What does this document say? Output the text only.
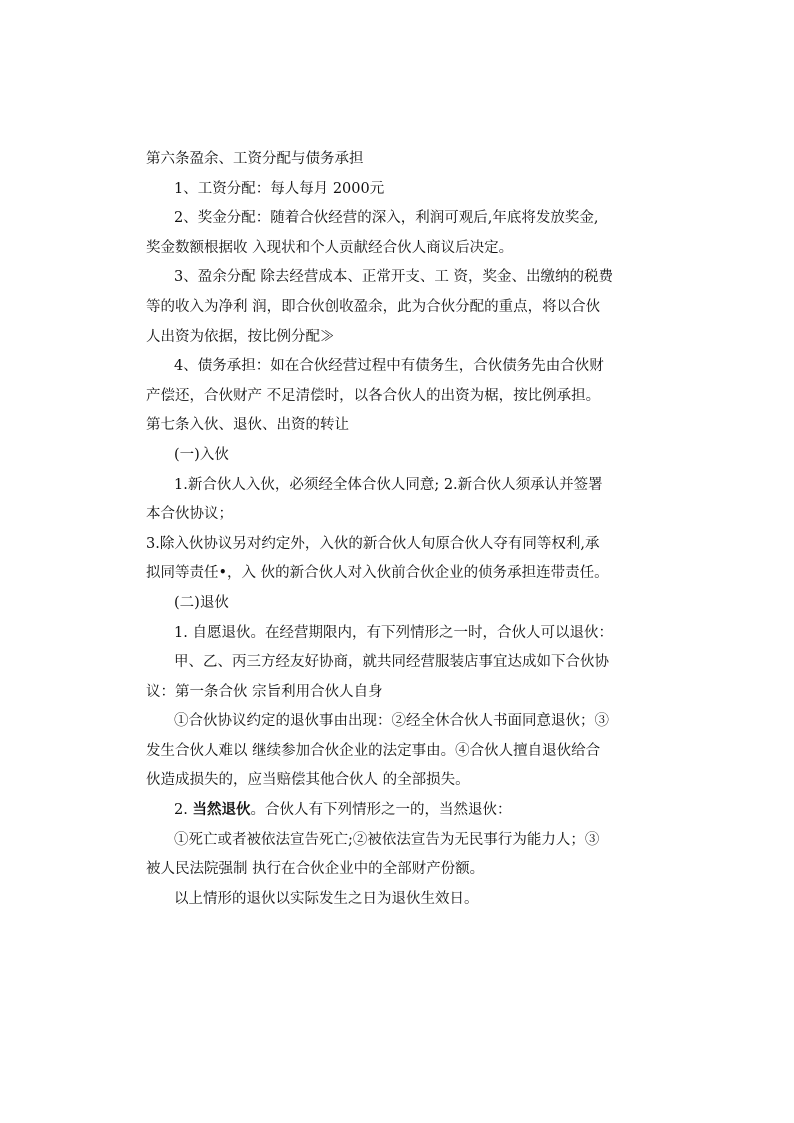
第六条盈余、工资分配与债务承担
1、工资分配：每人每月 2000元
2、奖金分配：随着合伙经营的深入，利润可观后,年底将发放奖金,
奖金数额根据收 入现状和个人贡献经合伙人商议后决定。
3、盈余分配 除去经营成本、正常开支、工 资，奖金、岀缴纳的税费
等的收入为净利 润，即合伙创收盈余，此为合伙分配的重点，将以合伙
人出资为依据，按比例分配≫
4、债务承担：如在合伙经营过程中有债务生，合伙债务先由合伙财
产偿还，合伙财产 不足清偿时，以各合伙人的出资为椐，按比例承担。
第七条入伙、退伙、出资的转让
(一)入伙
1.新合伙人入伙，必须经全体合伙人同意; 2.新合伙人须承认并签署
本合伙协议；
3.除入伙协议另对约定外，入伙的新合伙人旬原合伙人夺有同等权利,承
拟同等责任•，入 伙的新合伙人对入伙前合伙企业的侦务承担连带责任。
(二)退伙
1. 自愿退伙。在经营期限内，有下列情形之一时，合伙人可以退伙：
甲、乙、丙三方经友好协商，就共同经营服装店事宜达成如下合伙协
议：第一条合伙 宗旨利用合伙人自身
①合伙协议约定的退伙事由出现：②经全休合伙人书面同意退伙；③
发生合伙人难以 继续参加合伙企业的法定事由。④合伙人擅自退伙给合
伙造成损失的，应当赔偿其他合伙人 的全部损失。
2. 当然退伙。合伙人有下列情形之一的，当然退伙：
①死亡或者被依法宣告死亡;②被依法宣告为无民事行为能力人；③
被人民法院强制 执行在合伙企业中的全部财产份额。
以上情形的退伙以实际发生之日为退伙生效日。
